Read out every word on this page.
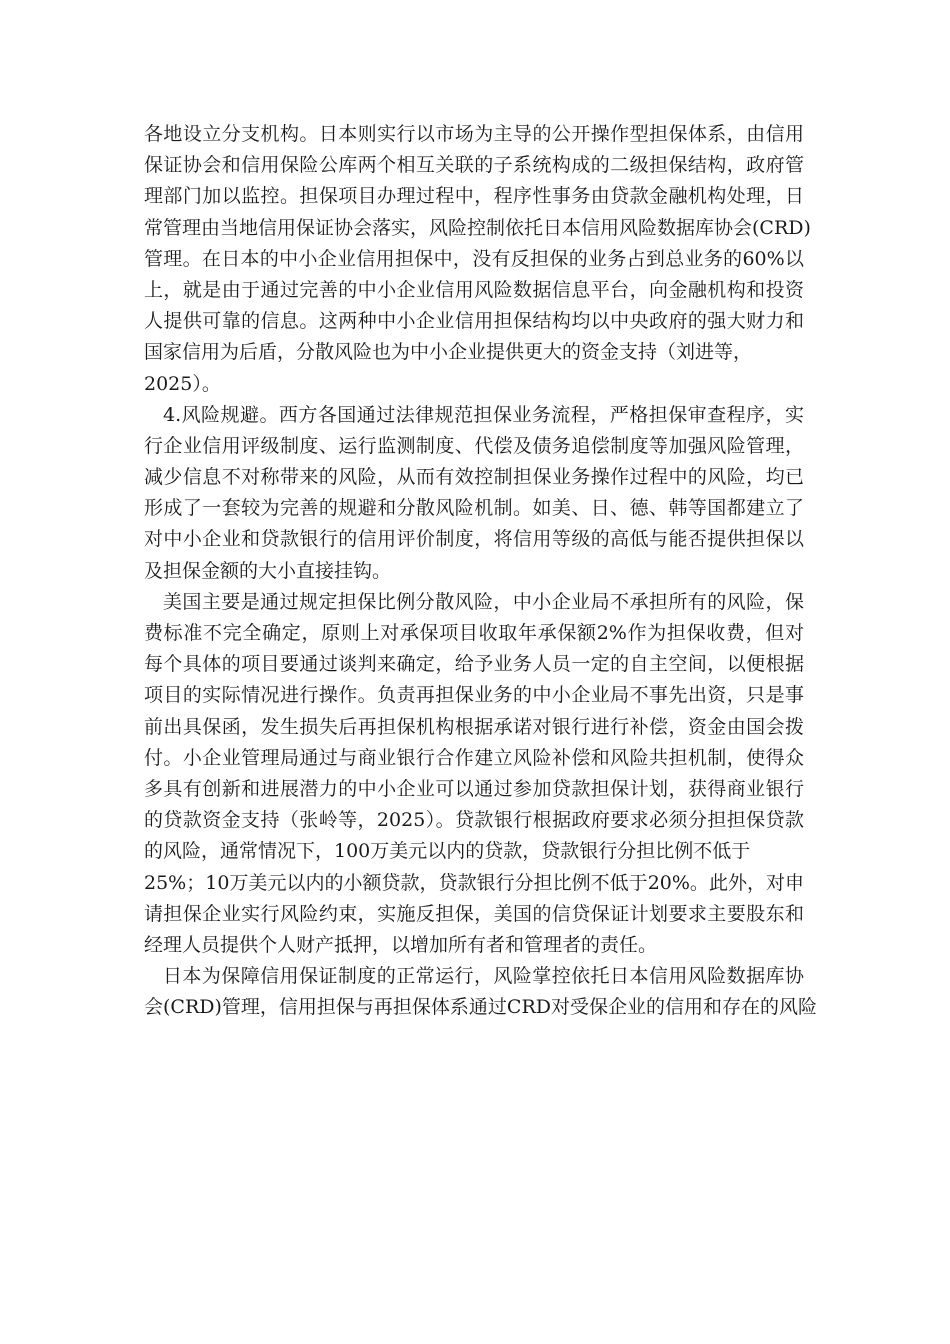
各地设立分支机构。日本则实行以市场为主导的公开操作型担保体系，由信用
保证协会和信用保险公库两个相互关联的子系统构成的二级担保结构，政府管
理部门加以监控。担保项目办理过程中，程序性事务由贷款金融机构处理，日
常管理由当地信用保证协会落实，风险控制依托日本信用风险数据库协会(CRD)
管理。在日本的中小企业信用担保中，没有反担保的业务占到总业务的60%以
上，就是由于通过完善的中小企业信用风险数据信息平台，向金融机构和投资
人提供可靠的信息。这两种中小企业信用担保结构均以中央政府的强大财力和
国家信用为后盾，分散风险也为中小企业提供更大的资金支持（刘进等，
2025）。
4.风险规避。西方各国通过法律规范担保业务流程，严格担保审查程序，实
行企业信用评级制度、运行监测制度、代偿及债务追偿制度等加强风险管理，
减少信息不对称带来的风险，从而有效控制担保业务操作过程中的风险，均已
形成了一套较为完善的规避和分散风险机制。如美、日、德、韩等国都建立了
对中小企业和贷款银行的信用评价制度，将信用等级的高低与能否提供担保以
及担保金额的大小直接挂钩。
美国主要是通过规定担保比例分散风险，中小企业局不承担所有的风险，保
费标准不完全确定，原则上对承保项目收取年承保额2%作为担保收费，但对
每个具体的项目要通过谈判来确定，给予业务人员一定的自主空间，以便根据
项目的实际情况进行操作。负责再担保业务的中小企业局不事先出资，只是事
前出具保函，发生损失后再担保机构根据承诺对银行进行补偿，资金由国会拨
付。小企业管理局通过与商业银行合作建立风险补偿和风险共担机制，使得众
多具有创新和进展潜力的中小企业可以通过参加贷款担保计划，获得商业银行
的贷款资金支持（张岭等，2025）。贷款银行根据政府要求必须分担担保贷款
的风险，通常情况下，100万美元以内的贷款，贷款银行分担比例不低于
25%；10万美元以内的小额贷款，贷款银行分担比例不低于20%。此外，对申
请担保企业实行风险约束，实施反担保，美国的信贷保证计划要求主要股东和
经理人员提供个人财产抵押，以增加所有者和管理者的责任。
日本为保障信用保证制度的正常运行，风险掌控依托日本信用风险数据库协
会(CRD)管理，信用担保与再担保体系通过CRD对受保企业的信用和存在的风险
